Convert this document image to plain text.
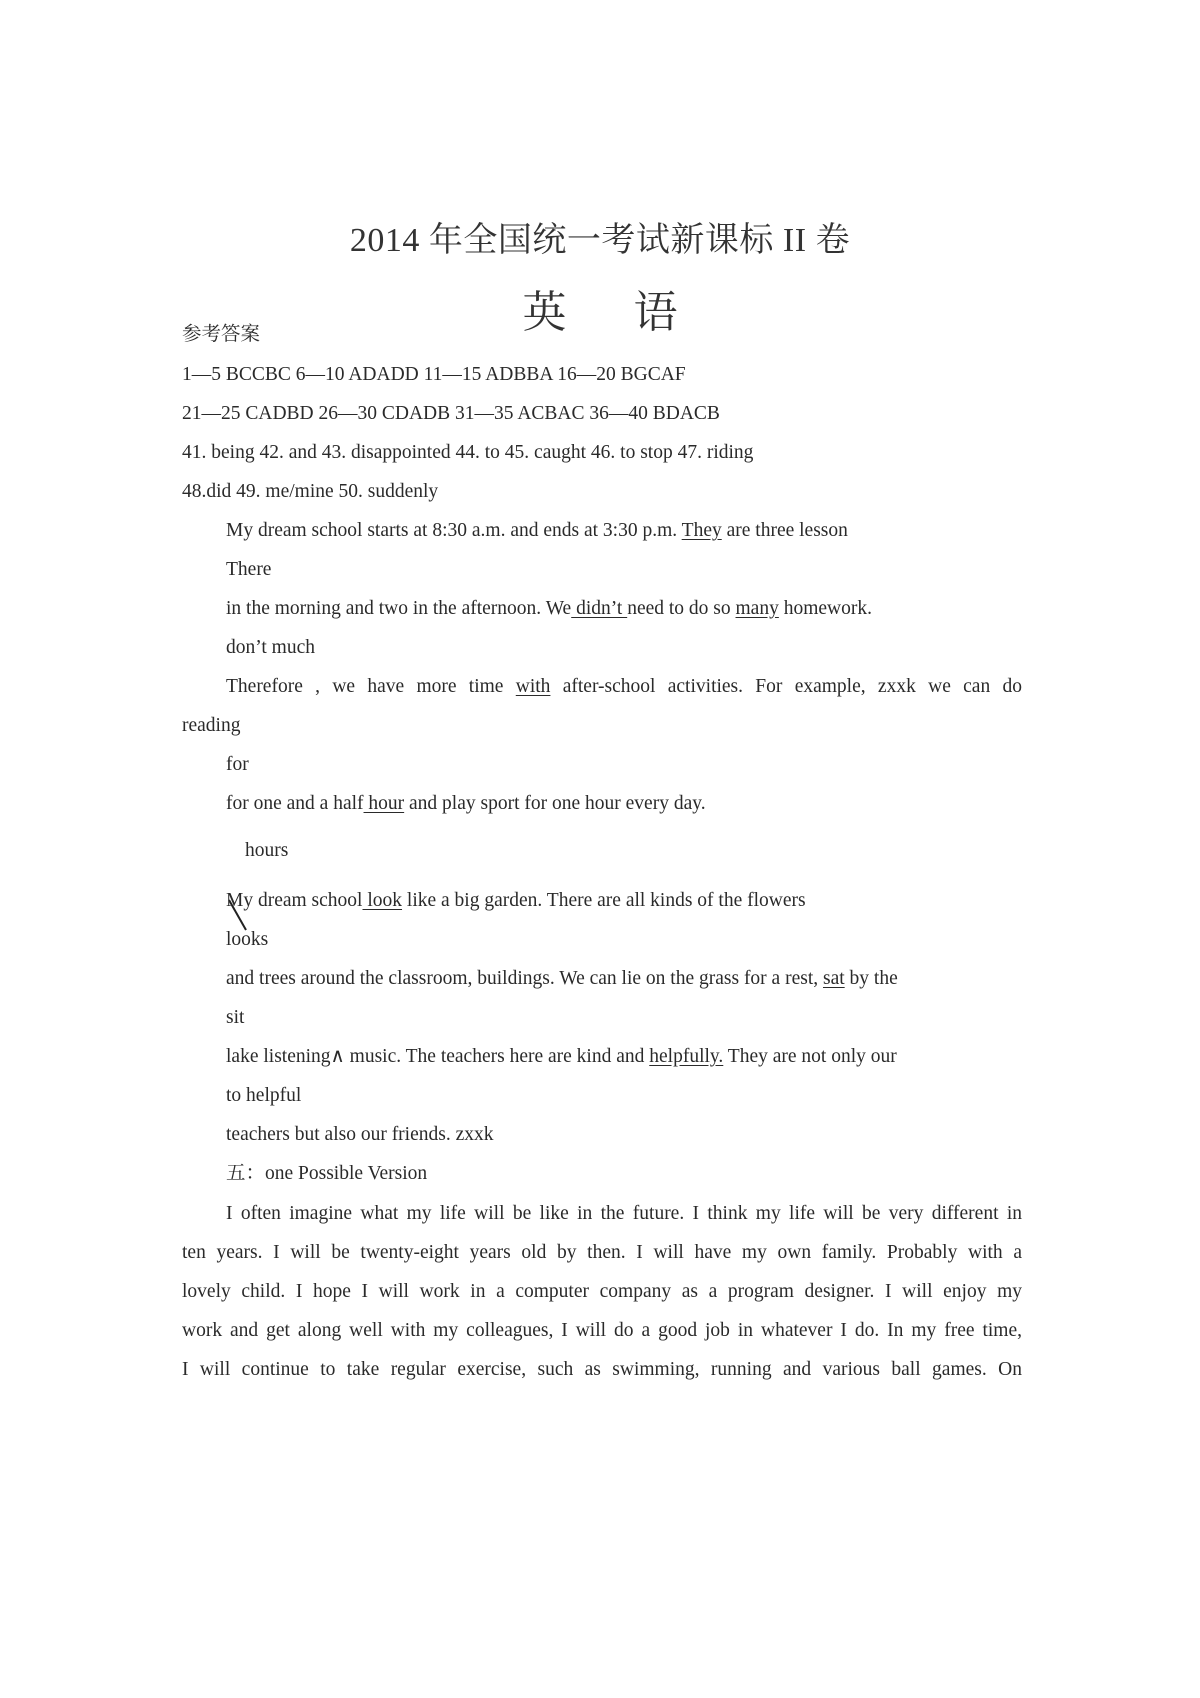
2014 年全国统一考试新课标 II 卷
英 语
参考答案
1—5 BCCBC 6—10 ADADD 11—15 ADBBA 16—20 BGCAF
21—25 CADBD 26—30 CDADB 31—35 ACBAC 36—40 BDACB
41. being 42. and 43. disappointed 44. to 45. caught 46. to stop 47. riding
48.did 49. me/mine 50. suddenly
My dream school starts at 8:30 a.m. and ends at 3:30 p.m. They are three lesson
There
in the morning and two in the afternoon. We didn’t need to do so many homework.
don’t much
Therefore , we have more time with after-school activities. For example, zxxk we can do
reading
for
for one and a half hour and play sport for one hour every day.
hours
My dream school look like a big garden. There are all kinds of the flowers
looks
and trees around the classroom, buildings. We can lie on the grass for a rest, sat by the
sit
lake listening∧ music. The teachers here are kind and helpfully. They are not only our
to helpful
teachers but also our friends. zxxk
五：one Possible Version
I often imagine what my life will be like in the future. I think my life will be very different in
ten years. I will be twenty-eight years old by then. I will have my own family. Probably with a
lovely child. I hope I will work in a computer company as a program designer. I will enjoy my
work and get along well with my colleagues, I will do a good job in whatever I do. In my free time,
I will continue to take regular exercise, such as swimming, running and various ball games. On
